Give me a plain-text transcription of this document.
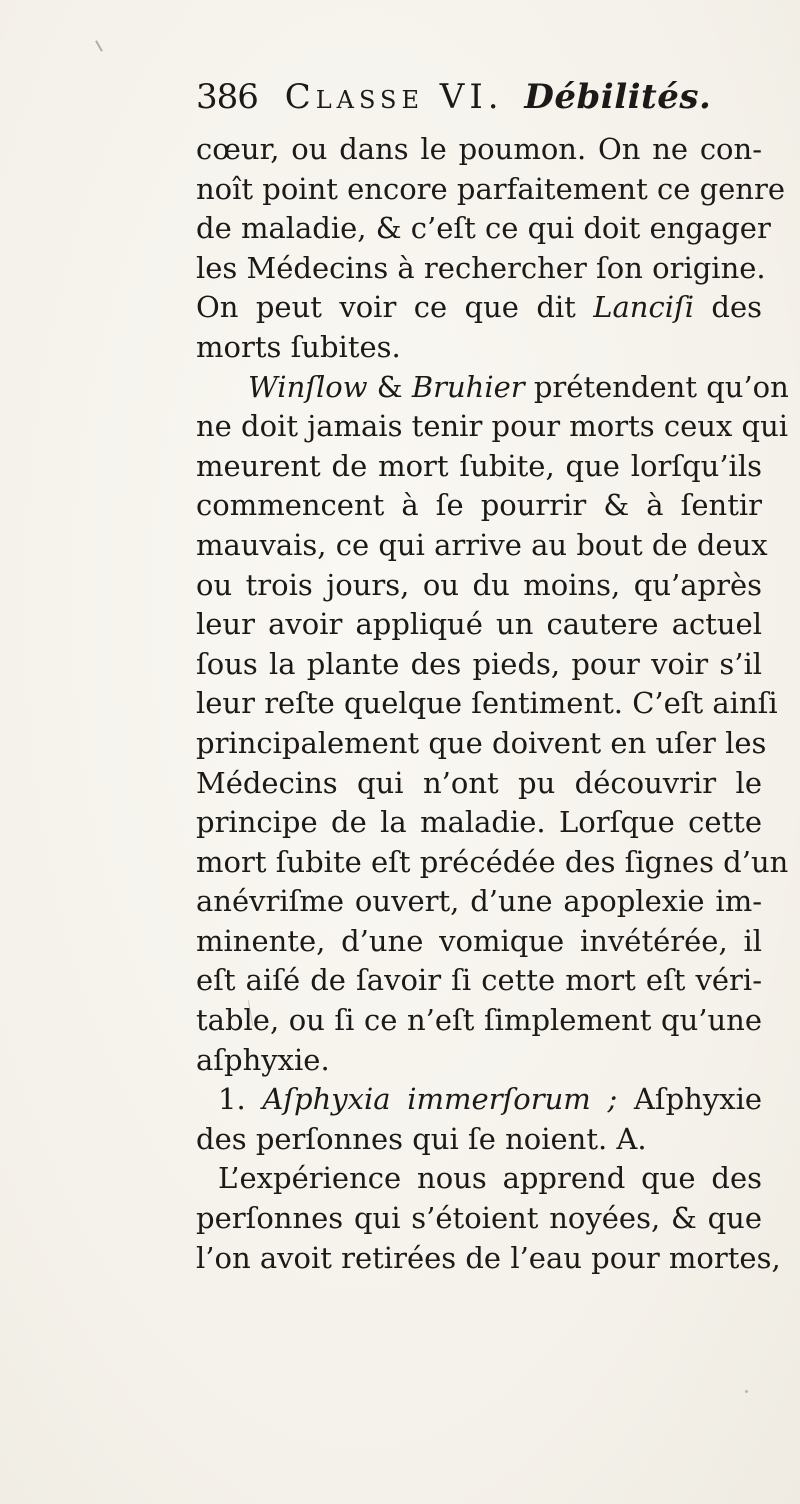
386 Classe VI. Débilités.
cœur, ou dans le poumon. On ne con-
noît point encore parfaitement ce genre
de maladie, & c’eſt ce qui doit engager
les Médecins à rechercher ſon origine.
On peut voir ce que dit Lanciſi des
morts ſubites.
Winſlow & Bruhier prétendent qu’on
ne doit jamais tenir pour morts ceux qui
meurent de mort ſubite, que lorſqu’ils
commencent à ſe pourrir & à ſentir
mauvais, ce qui arrive au bout de deux
ou trois jours, ou du moins, qu’après
leur avoir appliqué un cautere actuel
ſous la plante des pieds, pour voir s’il
leur reſte quelque ſentiment. C’eſt ainſi
principalement que doivent en uſer les
Médecins qui n’ont pu découvrir le
principe de la maladie. Lorſque cette
mort ſubite eſt précédée des ſignes d’un
anévriſme ouvert, d’une apoplexie im-
minente, d’une vomique invétérée, il
eſt aiſé de ſavoir ſi cette mort eſt véri-
table, ou ſi ce n’eſt ſimplement qu’une
aſphyxie.
1. Aſphyxia immerſorum ; Aſphyxie
des perſonnes qui ſe noient. A.
L’expérience nous apprend que des
perſonnes qui s’étoient noyées, & que
l’on avoit retirées de l’eau pour mortes,
